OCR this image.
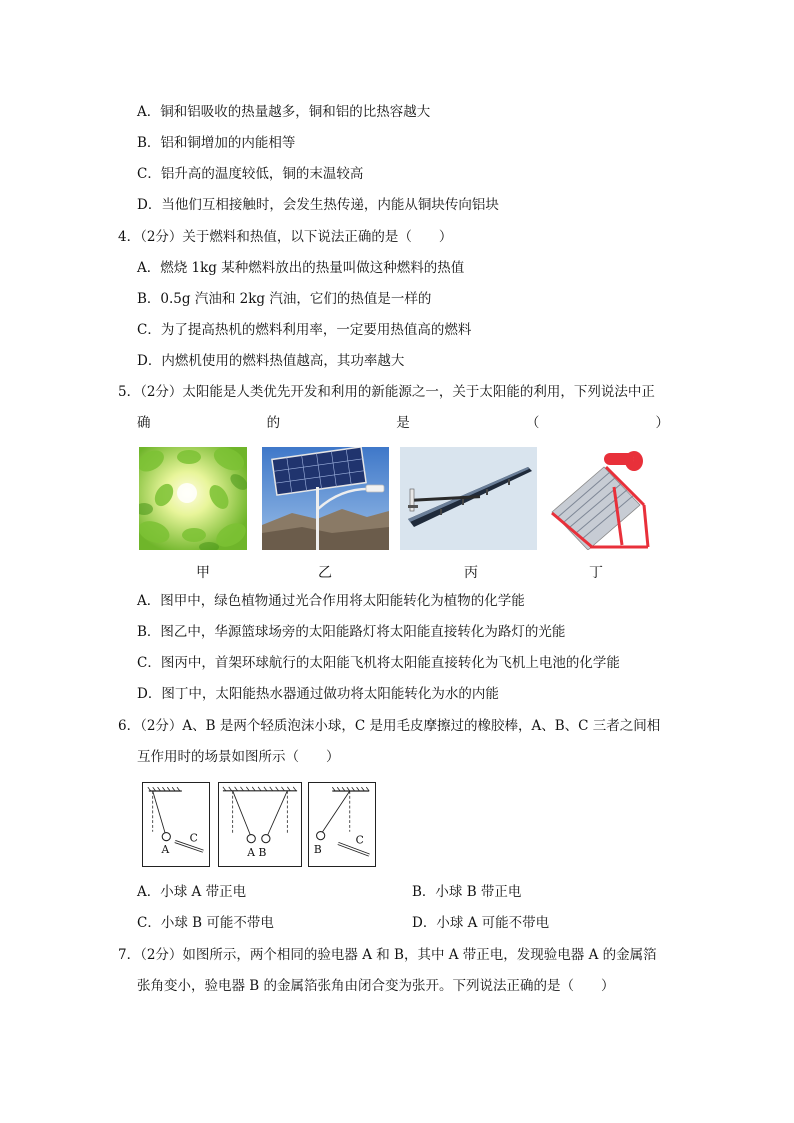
A．铜和铝吸收的热量越多，铜和铝的比热容越大
B．铝和铜增加的内能相等
C．铝升高的温度较低，铜的末温较高
D．当他们互相接触时，会发生热传递，内能从铜块传向铝块
4．（2分）关于燃料和热值，以下说法正确的是（　　）
A．燃烧 1kg 某种燃料放出的热量叫做这种燃料的热值
B．0.5g 汽油和 2kg 汽油，它们的热值是一样的
C．为了提高热机的燃料利用率，一定要用热值高的燃料
D．内燃机使用的燃料热值越高，其功率越大
5．（2分）太阳能是人类优先开发和利用的新能源之一，关于太阳能的利用，下列说法中正
确	的	是	（	）
甲	乙	丙	丁
A．图甲中，绿色植物通过光合作用将太阳能转化为植物的化学能
B．图乙中，华源篮球场旁的太阳能路灯将太阳能直接转化为路灯的光能
C．图丙中，首架环球航行的太阳能飞机将太阳能直接转化为飞机上电池的化学能
D．图丁中，太阳能热水器通过做功将太阳能转化为水的内能
6．（2分）A、B 是两个轻质泡沫小球，C 是用毛皮摩擦过的橡胶棒，A、B、C 三者之间相
互作用时的场景如图所示（　　）
A
C
A B	B
C
A．小球 A 带正电	B．小球 B 带正电
C．小球 B 可能不带电	D．小球 A 可能不带电
7．（2分）如图所示，两个相同的验电器 A 和 B，其中 A 带正电，发现验电器 A 的金属箔
张角变小，验电器 B 的金属箔张角由闭合变为张开。下列说法正确的是（　　）
